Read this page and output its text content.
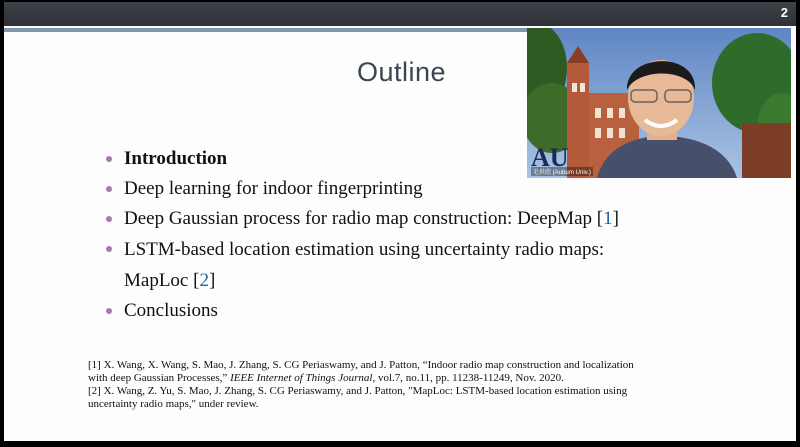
2
Outline
Introduction
Deep learning for indoor fingerprinting
Deep Gaussian process for radio map construction: DeepMap [1]
LSTM-based location estimation using uncertainty radio maps:
MapLoc [2]
Conclusions

[1] X. Wang, X. Wang, S. Mao, J. Zhang, S. CG Periaswamy, and J. Patton, “Indoor radio map construction and localization
with deep Gaussian Processes,” IEEE Internet of Things Journal, vol.7, no.11, pp. 11238-11249, Nov. 2020.

[2] X. Wang, Z. Yu, S. Mao, J. Zhang, S. CG Periaswamy, and J. Patton, "MapLoc: LSTM-based location estimation using
uncertainty radio maps," under review.

AU
毛世欣 (Auburn Univ.)
